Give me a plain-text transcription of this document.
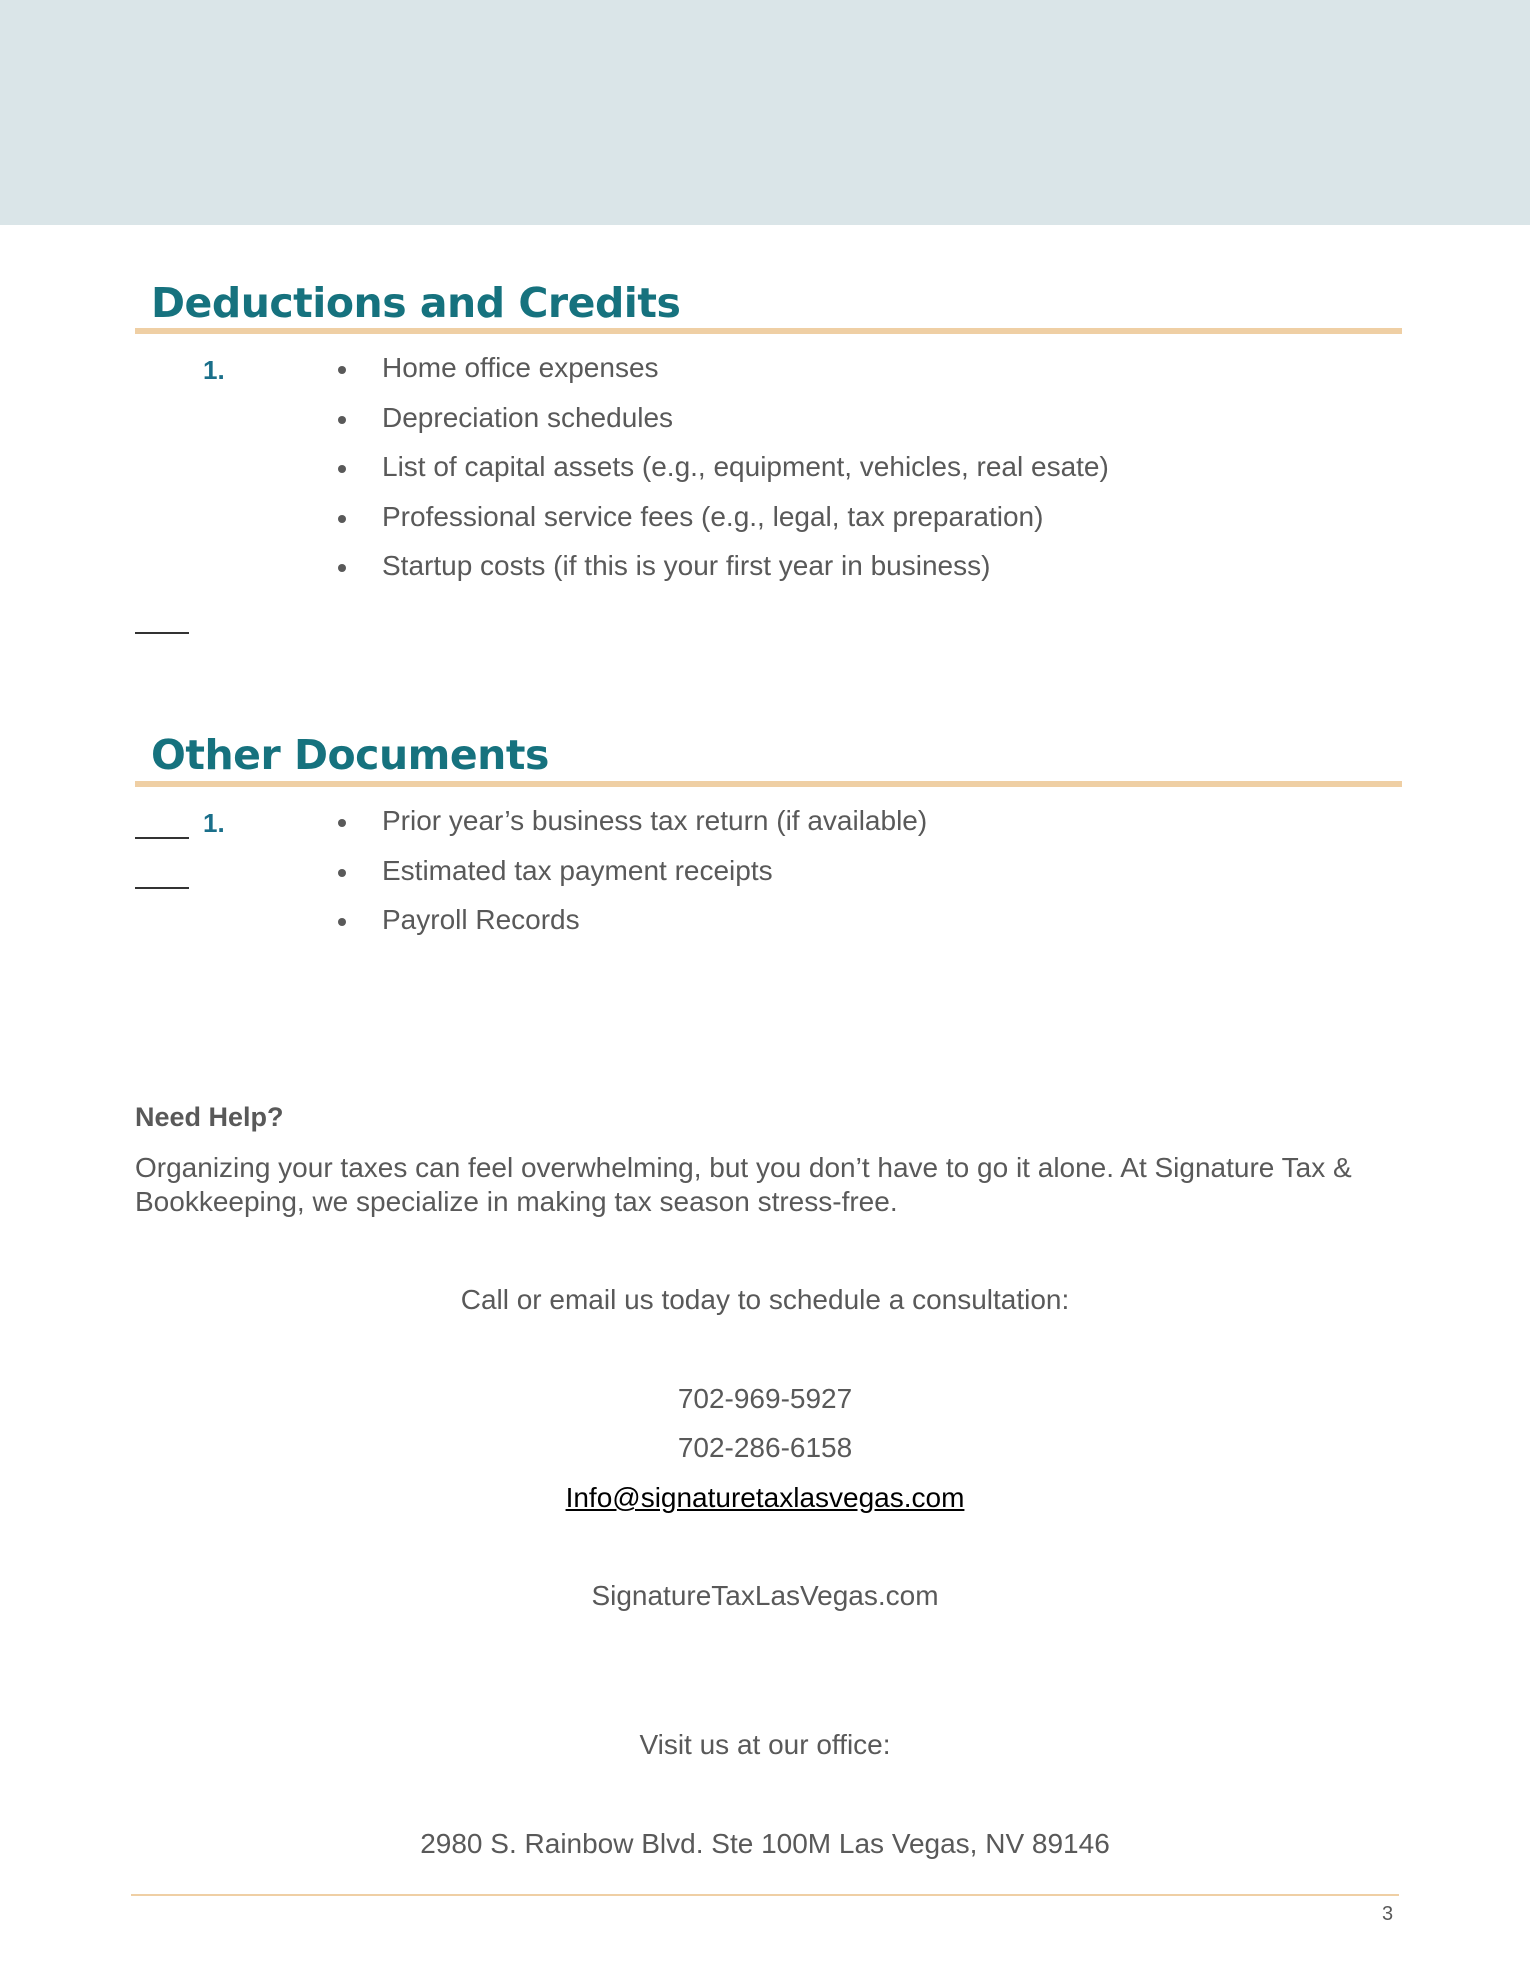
Deductions and Credits
1.	Home office expenses
Depreciation schedules
List of capital assets (e.g., equipment, vehicles, real esate)
Professional service fees (e.g., legal, tax preparation)
Startup costs (if this is your first year in business)
Other Documents
1.	Prior year’s business tax return (if available)
Estimated tax payment receipts
Payroll Records
Need Help?

Organizing your taxes can feel overwhelming, but you don’t have to go it alone. At Signature Tax & Bookkeeping, we specialize in making tax season stress-free.

Call or email us today to schedule a consultation:
702-969-5927
702-286-6158
Info@signaturetaxlasvegas.com
SignatureTaxLasVegas.com
Visit us at our office:
2980 S. Rainbow Blvd. Ste 100M Las Vegas, NV 89146
3
